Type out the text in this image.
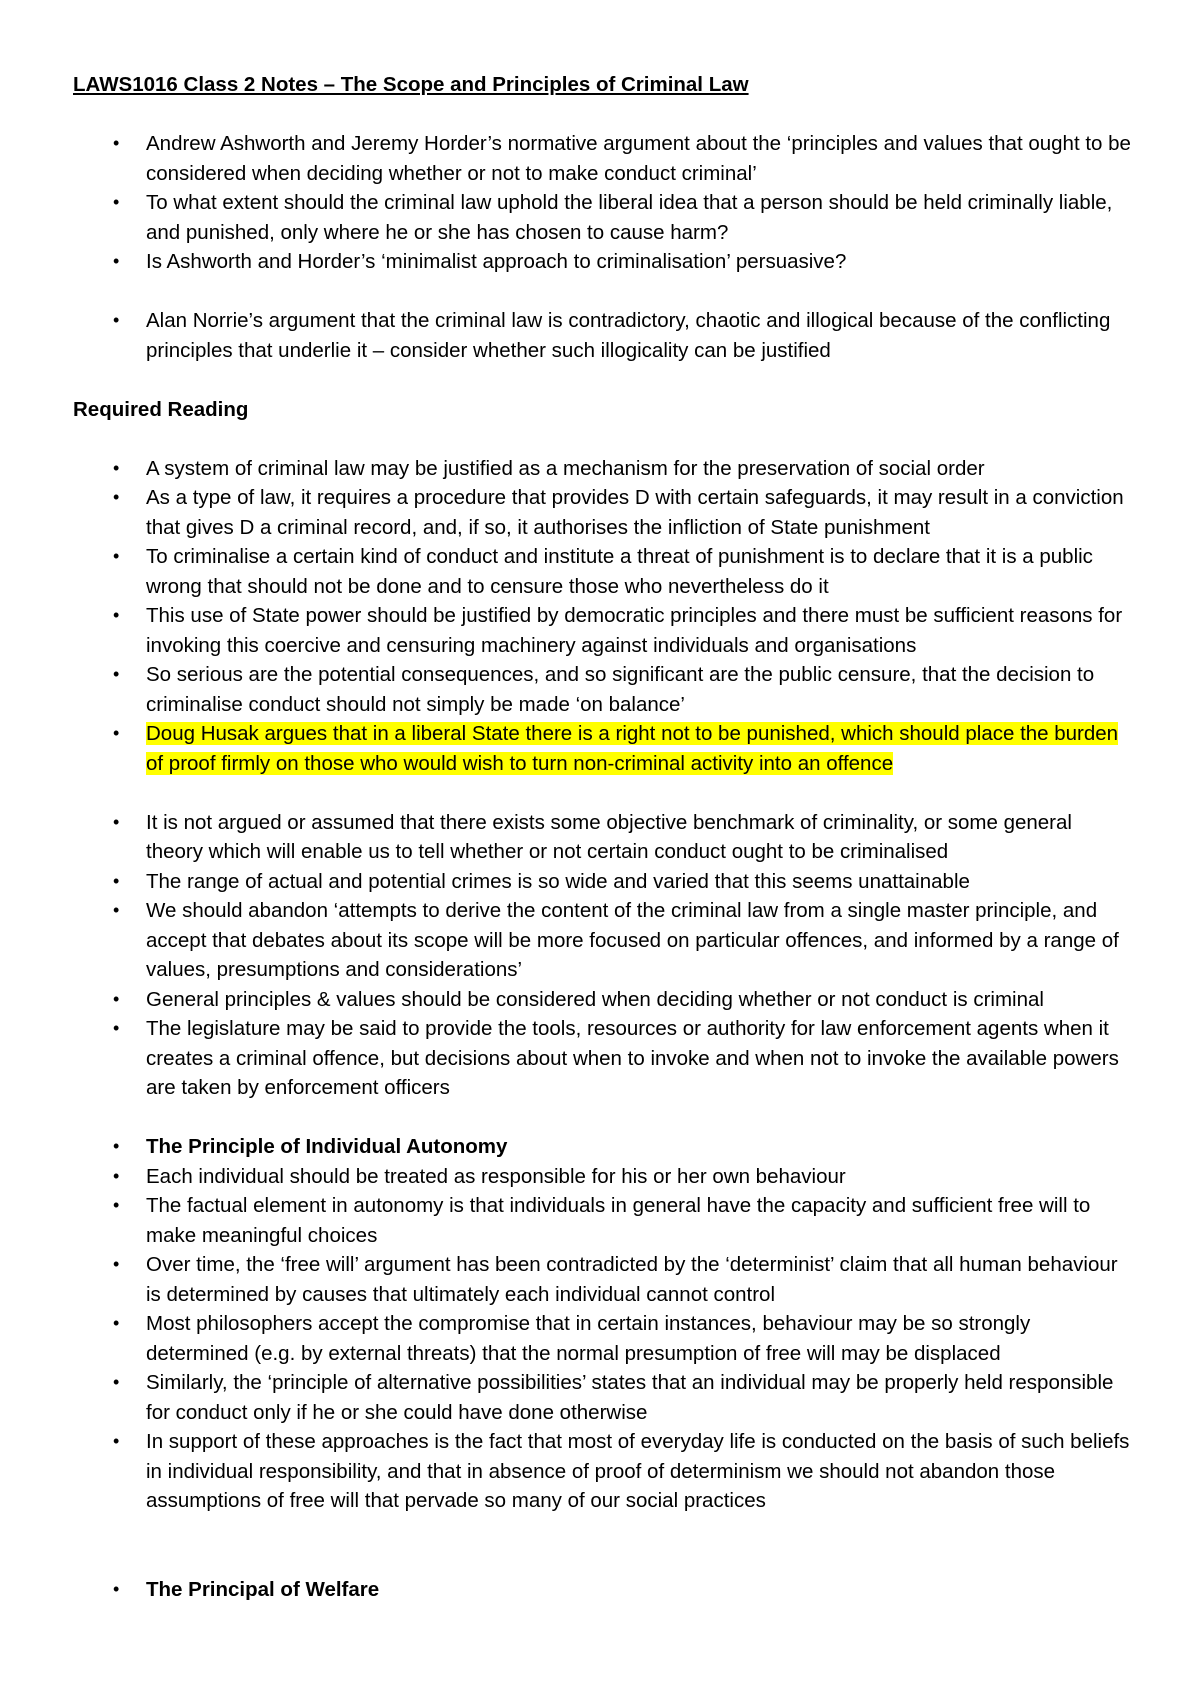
LAWS1016 Class 2 Notes – The Scope and Principles of Criminal Law

• Andrew Ashworth and Jeremy Horder’s normative argument about the ‘principles and values that ought to be considered when deciding whether or not to make conduct criminal’
• To what extent should the criminal law uphold the liberal idea that a person should be held criminally liable, and punished, only where he or she has chosen to cause harm?
• Is Ashworth and Horder’s ‘minimalist approach to criminalisation’ persuasive?
• Alan Norrie’s argument that the criminal law is contradictory, chaotic and illogical because of the conflicting principles that underlie it – consider whether such illogicality can be justified

Required Reading

• A system of criminal law may be justified as a mechanism for the preservation of social order
• As a type of law, it requires a procedure that provides D with certain safeguards, it may result in a conviction that gives D a criminal record, and, if so, it authorises the infliction of State punishment
• To criminalise a certain kind of conduct and institute a threat of punishment is to declare that it is a public wrong that should not be done and to censure those who nevertheless do it
• This use of State power should be justified by democratic principles and there must be sufficient reasons for invoking this coercive and censuring machinery against individuals and organisations
• So serious are the potential consequences, and so significant are the public censure, that the decision to criminalise conduct should not simply be made ‘on balance’
• Doug Husak argues that in a liberal State there is a right not to be punished, which should place the burden of proof firmly on those who would wish to turn non-criminal activity into an offence
• It is not argued or assumed that there exists some objective benchmark of criminality, or some general theory which will enable us to tell whether or not certain conduct ought to be criminalised
• The range of actual and potential crimes is so wide and varied that this seems unattainable
• We should abandon ‘attempts to derive the content of the criminal law from a single master principle, and accept that debates about its scope will be more focused on particular offences, and informed by a range of values, presumptions and considerations’
• General principles & values should be considered when deciding whether or not conduct is criminal
• The legislature may be said to provide the tools, resources or authority for law enforcement agents when it creates a criminal offence, but decisions about when to invoke and when not to invoke the available powers are taken by enforcement officers
• The Principle of Individual Autonomy
• Each individual should be treated as responsible for his or her own behaviour
• The factual element in autonomy is that individuals in general have the capacity and sufficient free will to make meaningful choices
• Over time, the ‘free will’ argument has been contradicted by the ‘determinist’ claim that all human behaviour is determined by causes that ultimately each individual cannot control
• Most philosophers accept the compromise that in certain instances, behaviour may be so strongly determined (e.g. by external threats) that the normal presumption of free will may be displaced
• Similarly, the ‘principle of alternative possibilities’ states that an individual may be properly held responsible for conduct only if he or she could have done otherwise
• In support of these approaches is the fact that most of everyday life is conducted on the basis of such beliefs in individual responsibility, and that in absence of proof of determinism we should not abandon those assumptions of free will that pervade so many of our social practices
• The Principal of Welfare
